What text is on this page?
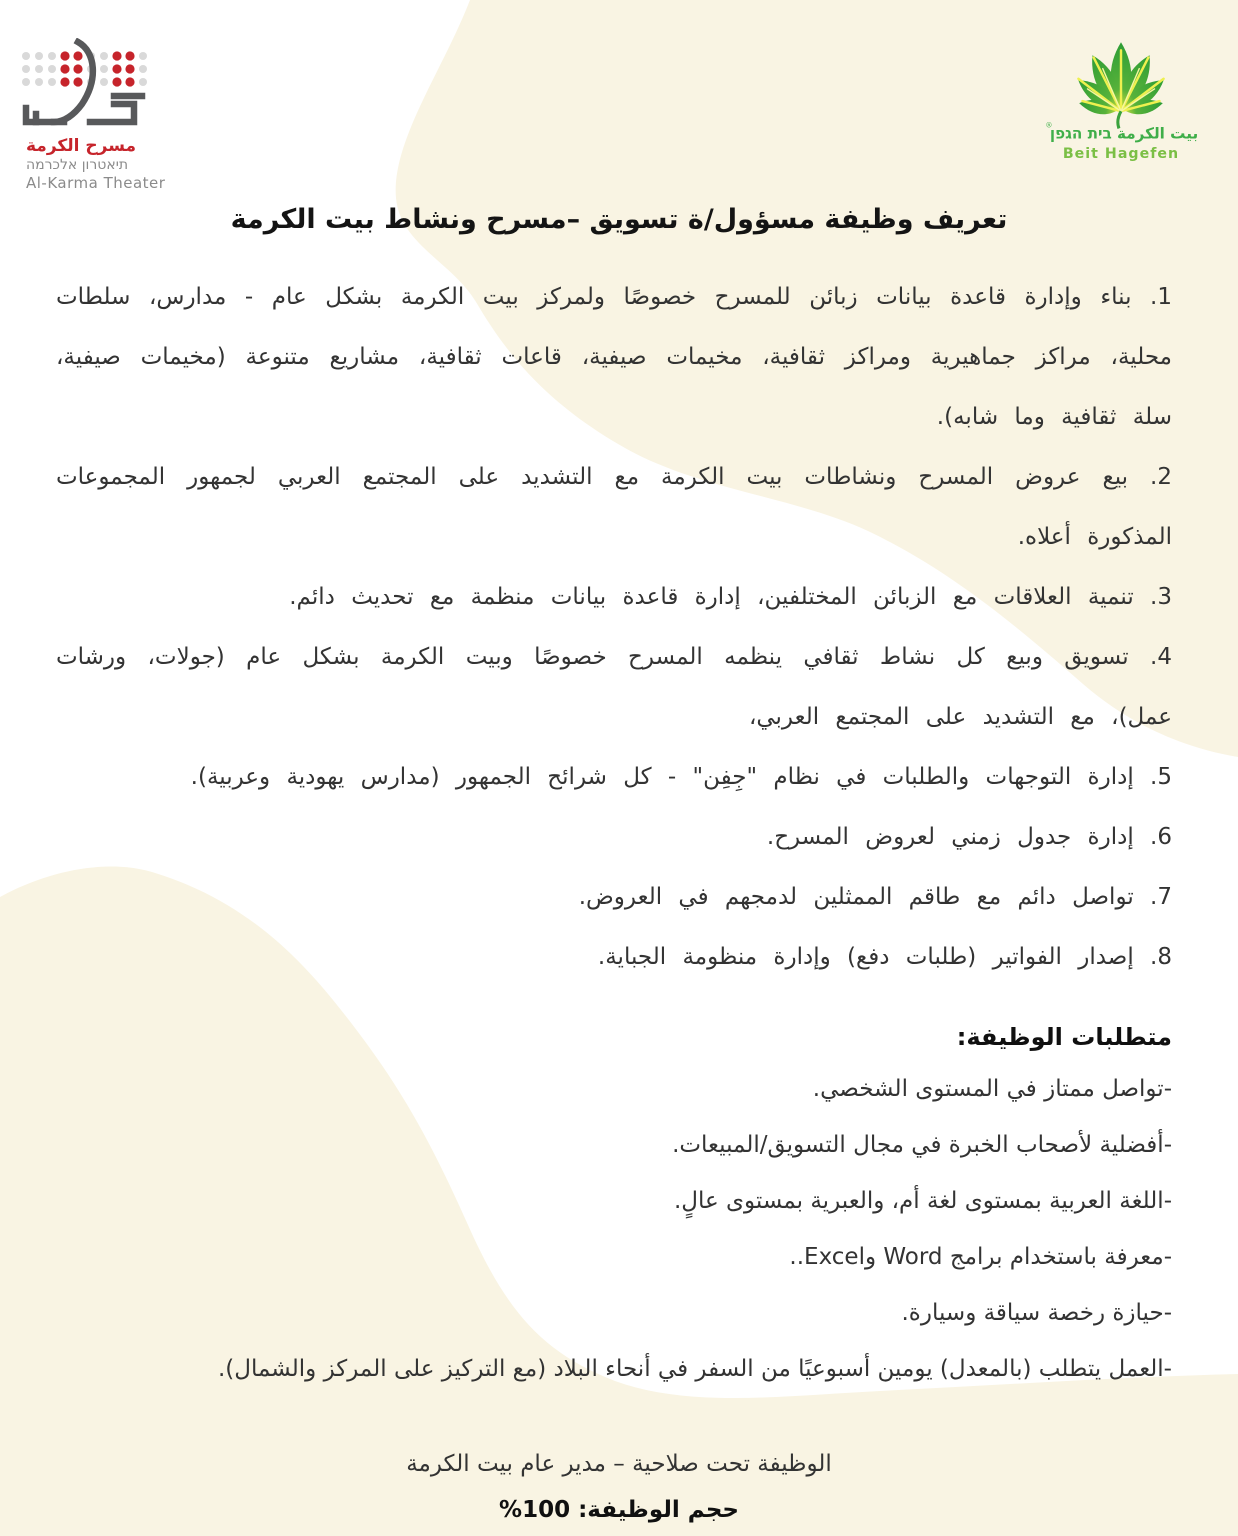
مسرح الكرمة
תיאטרון אלכרמה
Al-Karma Theater
بيت الكرمة בית הגפן
®
Beit Hagefen
تعريف وظيفة مسؤول/ة تسويق –مسرح ونشاط بيت الكرمة

1. بناء وإدارة قاعدة بيانات زبائن للمسرح خصوصًا ولمركز بيت الكرمة بشكل عام - مدارس، سلطات محلية، مراكز جماهيرية ومراكز ثقافية، مخيمات صيفية، قاعات ثقافية، مشاريع متنوعة (مخيمات صيفية، سلة ثقافية وما شابه).

2. بيع عروض المسرح ونشاطات بيت الكرمة مع التشديد على المجتمع العربي لجمهور المجموعات المذكورة أعلاه.

3. تنمية العلاقات مع الزبائن المختلفين، إدارة قاعدة بيانات منظمة مع تحديث دائم.

4. تسويق وبيع كل نشاط ثقافي ينظمه المسرح خصوصًا وبيت الكرمة بشكل عام (جولات، ورشات عمل)، مع التشديد على المجتمع العربي،

5. إدارة التوجهات والطلبات في نظام "جِفِن" - كل شرائح الجمهور (مدارس يهودية وعربية).

6. إدارة جدول زمني لعروض المسرح.

7. تواصل دائم مع طاقم الممثلين لدمجهم في العروض.

8. إصدار الفواتير (طلبات دفع) وإدارة منظومة الجباية.

متطلبات الوظيفة:

-تواصل ممتاز في المستوى الشخصي.

-أفضلية لأصحاب الخبرة في مجال التسويق/المبيعات.

-اللغة العربية بمستوى لغة أم، والعبرية بمستوى عالٍ.

-معرفة باستخدام برامج Word وExcel..

-حيازة رخصة سياقة وسيارة.

-العمل يتطلب (بالمعدل) يومين أسبوعيًا من السفر في أنحاء البلاد (مع التركيز على المركز والشمال).

الوظيفة تحت صلاحية – مدير عام بيت الكرمة

حجم الوظيفة: 100%
